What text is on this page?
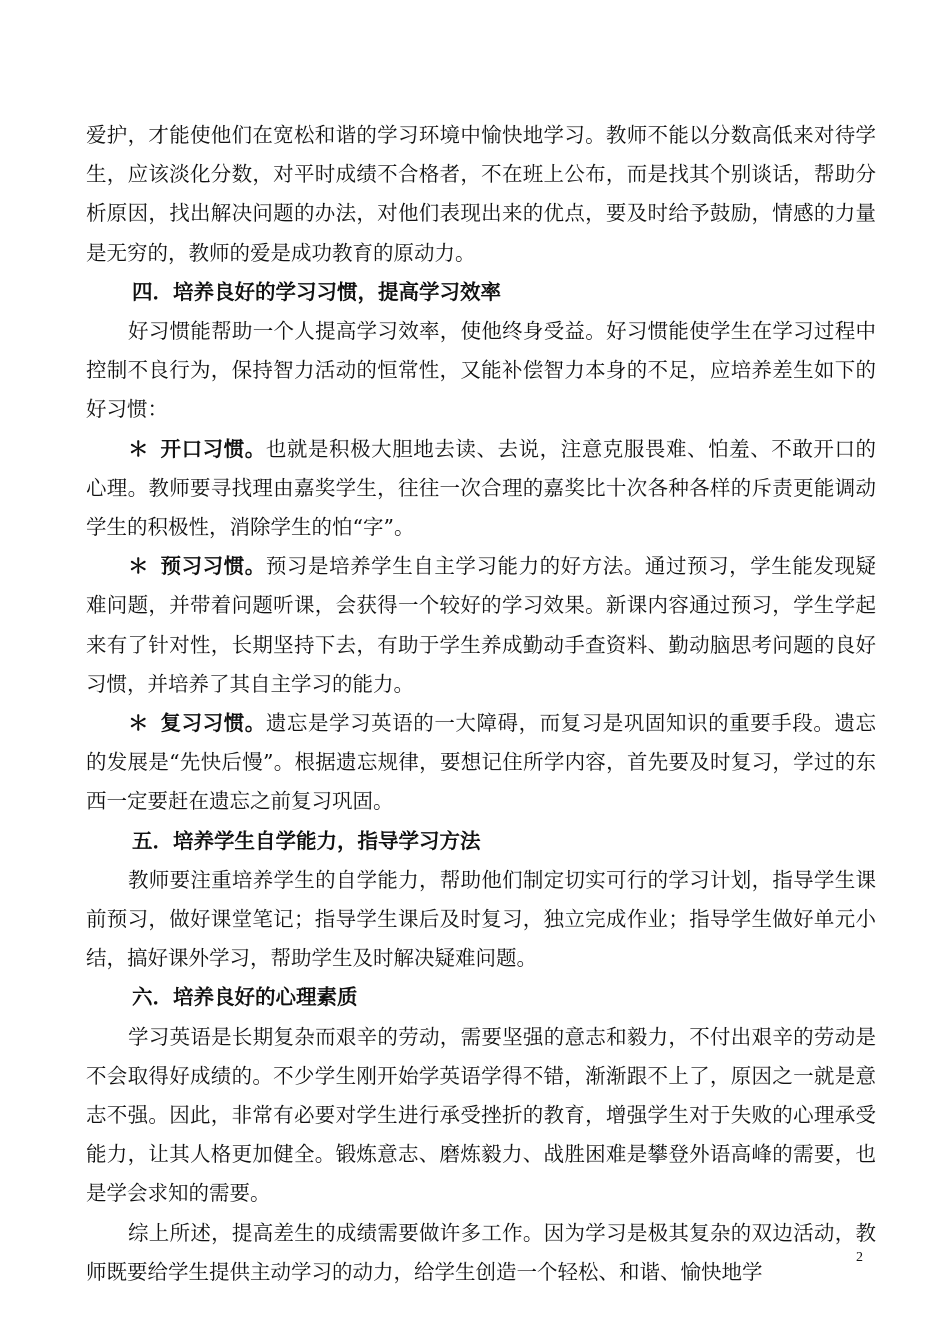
爱护，才能使他们在宽松和谐的学习环境中愉快地学习。教师不能以分数高低来对待学生，应该淡化分数，对平时成绩不合格者，不在班上公布，而是找其个别谈话，帮助分析原因，找出解决问题的办法，对他们表现出来的优点，要及时给予鼓励，情感的力量是无穷的，教师的爱是成功教育的原动力。

四．培养良好的学习习惯，提高学习效率

好习惯能帮助一个人提高学习效率，使他终身受益。好习惯能使学生在学习过程中控制不良行为，保持智力活动的恒常性，又能补偿智力本身的不足，应培养差生如下的好习惯：

＊ 开口习惯。也就是积极大胆地去读、去说，注意克服畏难、怕羞、不敢开口的心理。教师要寻找理由嘉奖学生，往往一次合理的嘉奖比十次各种各样的斥责更能调动学生的积极性，消除学生的怕“字”。

＊ 预习习惯。预习是培养学生自主学习能力的好方法。通过预习，学生能发现疑难问题，并带着问题听课，会获得一个较好的学习效果。新课内容通过预习，学生学起来有了针对性，长期坚持下去，有助于学生养成勤动手查资料、勤动脑思考问题的良好习惯，并培养了其自主学习的能力。

＊ 复习习惯。遗忘是学习英语的一大障碍，而复习是巩固知识的重要手段。遗忘的发展是“先快后慢”。根据遗忘规律，要想记住所学内容，首先要及时复习，学过的东西一定要赶在遗忘之前复习巩固。

五．培养学生自学能力，指导学习方法

教师要注重培养学生的自学能力，帮助他们制定切实可行的学习计划，指导学生课前预习，做好课堂笔记；指导学生课后及时复习，独立完成作业；指导学生做好单元小结，搞好课外学习，帮助学生及时解决疑难问题。

六．培养良好的心理素质

学习英语是长期复杂而艰辛的劳动，需要坚强的意志和毅力，不付出艰辛的劳动是不会取得好成绩的。不少学生刚开始学英语学得不错，渐渐跟不上了，原因之一就是意志不强。因此，非常有必要对学生进行承受挫折的教育，增强学生对于失败的心理承受能力，让其人格更加健全。锻炼意志、磨炼毅力、战胜困难是攀登外语高峰的需要，也是学会求知的需要。

综上所述，提高差生的成绩需要做许多工作。因为学习是极其复杂的双边活动，教师既要给学生提供主动学习的动力，给学生创造一个轻松、和谐、愉快地学

2
